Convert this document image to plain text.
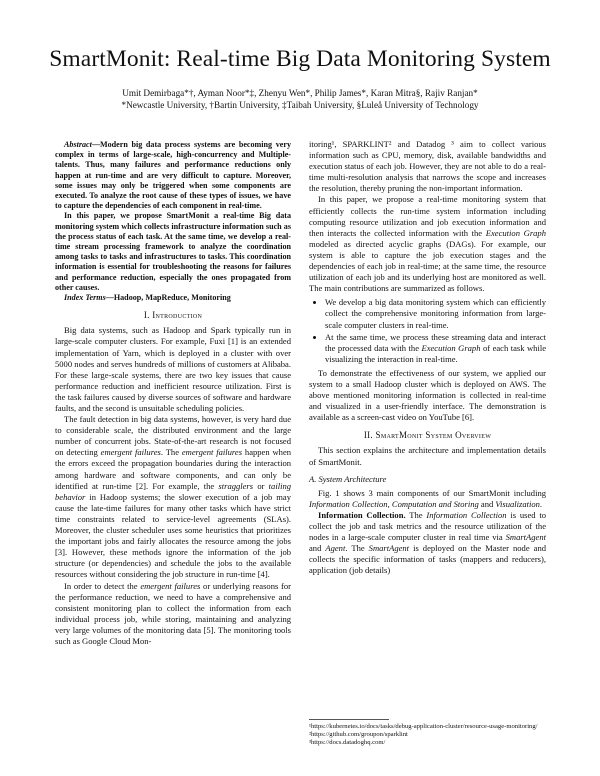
SmartMonit: Real-time Big Data Monitoring System
Umit Demirbaga*†, Ayman Noor*‡, Zhenyu Wen*, Philip James*, Karan Mitra§, Rajiv Ranjan*
*Newcastle University, †Bartin University, ‡Taibah University, §Luleå University of Technology

Abstract—Modern big data process systems are becoming very complex in terms of large-scale, high-concurrency and Multiple-talents. Thus, many failures and performance reductions only happen at run-time and are very difficult to capture. Moreover, some issues may only be triggered when some components are executed. To analyze the root cause of these types of issues, we have to capture the dependencies of each component in real-time.

In this paper, we propose SmartMonit a real-time Big data monitoring system which collects infrastructure information such as the process status of each task. At the same time, we develop a real-time stream processing framework to analyze the coordination among tasks to tasks and infrastructures to tasks. This coordination information is essential for troubleshooting the reasons for failures and performance reduction, especially the ones propagated from other causes.

Index Terms—Hadoop, MapReduce, Monitoring

I. Introduction

Big data systems, such as Hadoop and Spark typically run in large-scale computer clusters. For example, Fuxi [1] is an extended implementation of Yarn, which is deployed in a cluster with over 5000 nodes and serves hundreds of millions of customers at Alibaba. For these large-scale systems, there are two key issues that cause performance reduction and inefficient resource utilization. First is the task failures caused by diverse sources of software and hardware faults, and the second is unsuitable scheduling policies.

The fault detection in big data systems, however, is very hard due to considerable scale, the distributed environment and the large number of concurrent jobs. State-of-the-art research is not focused on detecting emergent failures. The emergent failures happen when the errors exceed the propagation boundaries during the interaction among hardware and software components, and can only be identified at run-time [2]. For example, the stragglers or tailing behavior in Hadoop systems; the slower execution of a job may cause the late-time failures for many other tasks which have strict time constraints related to service-level agreements (SLAs). Moreover, the cluster scheduler uses some heuristics that prioritizes the important jobs and fairly allocates the resource among the jobs [3]. However, these methods ignore the information of the job structure (or dependencies) and schedule the jobs to the available resources without considering the job structure in run-time [4].

In order to detect the emergent failures or underlying reasons for the performance reduction, we need to have a comprehensive and consistent monitoring plan to collect the information from each individual process job, while storing, maintaining and analyzing very large volumes of the monitoring data [5]. The monitoring tools such as Google Cloud Mon-

itoring¹, SPARKLINT² and Datadog ³ aim to collect various information such as CPU, memory, disk, available bandwidths and execution status of each job. However, they are not able to do a real-time multi-resolution analysis that narrows the scope and increases the resolution, thereby pruning the non-important information.

In this paper, we propose a real-time monitoring system that efficiently collects the run-time system information including computing resource utilization and job execution information and then interacts the collected information with the Execution Graph modeled as directed acyclic graphs (DAGs). For example, our system is able to capture the job execution stages and the dependencies of each job in real-time; at the same time, the resource utilization of each job and its underlying host are monitored as well. The main contributions are summarized as follows.

• We develop a big data monitoring system which can efficiently collect the comprehensive monitoring information from large-scale computer clusters in real-time.
• At the same time, we process these streaming data and interact the processed data with the Execution Graph of each task while visualizing the interaction in real-time.

To demonstrate the effectiveness of our system, we applied our system to a small Hadoop cluster which is deployed on AWS. The above mentioned monitoring information is collected in real-time and visualized in a user-friendly interface. The demonstration is available as a screen-cast video on YouTube [6].

II. SmartMonit System Overview

This section explains the architecture and implementation details of SmartMonit.

A. System Architecture

Fig. 1 shows 3 main components of our SmartMonit including Information Collection, Computation and Storing and Visualization.

Information Collection. The Information Collection is used to collect the job and task metrics and the resource utilization of the nodes in a large-scale computer cluster in real time via SmartAgent and Agent. The SmartAgent is deployed on the Master node and collects the specific information of tasks (mappers and reducers), application (job details)

¹https://kubernetes.io/docs/tasks/debug-application-cluster/resource-usage-monitoring/
²https://github.com/groupon/sparklint
³https://docs.datadoghq.com/
